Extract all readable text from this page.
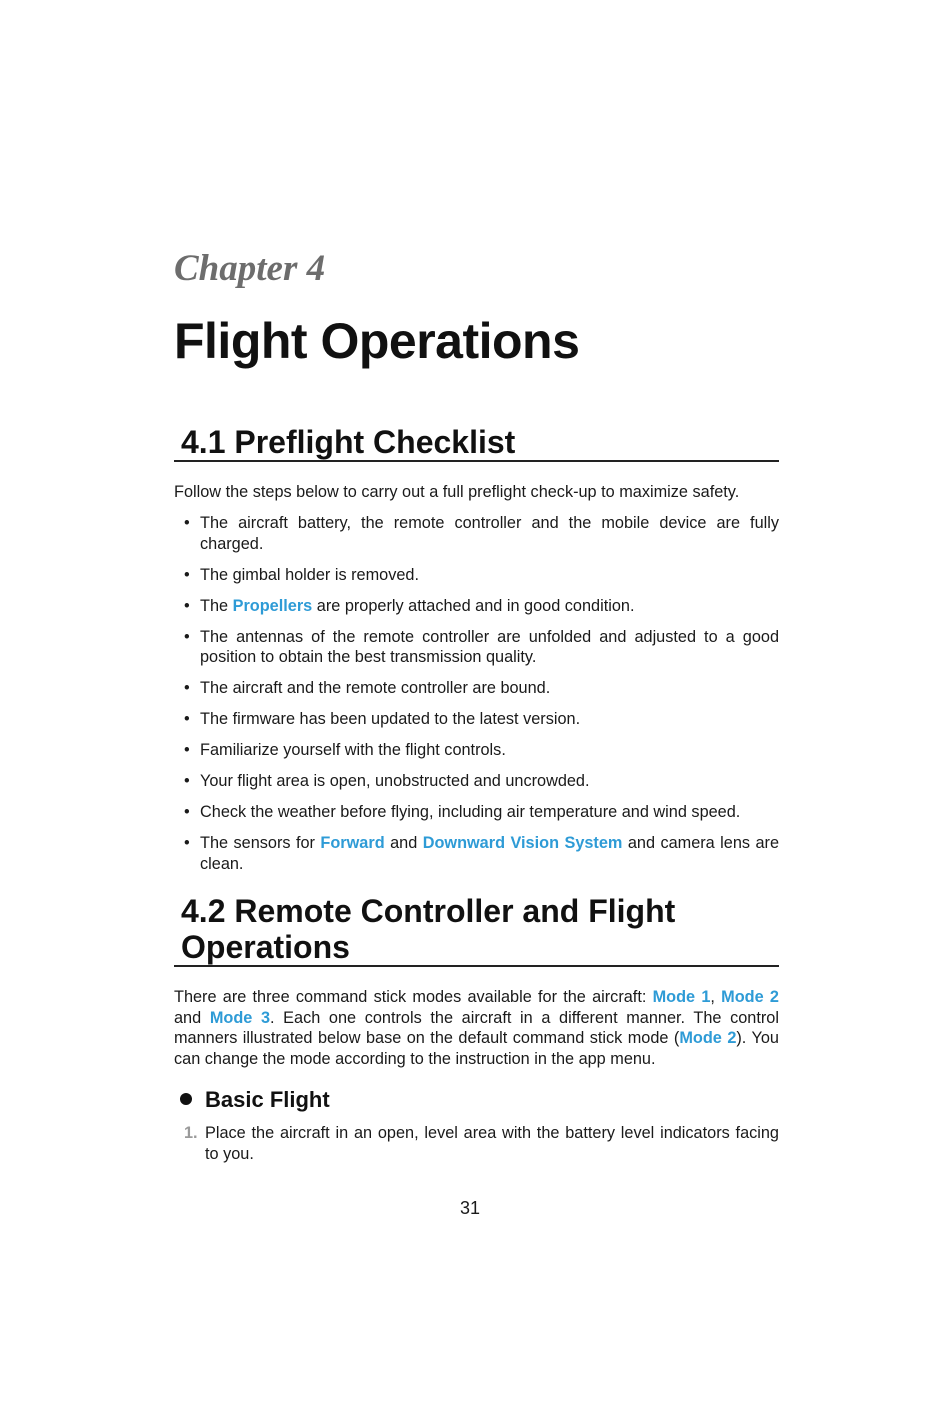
Chapter 4
Flight Operations
4.1 Preflight Checklist
Follow the steps below to carry out a full preflight check-up to maximize safety.
• The aircraft battery, the remote controller and the mobile device are fully charged.
• The gimbal holder is removed.
• The Propellers are properly attached and in good condition.
• The antennas of the remote controller are unfolded and adjusted to a good position to obtain the best transmission quality.
• The aircraft and the remote controller are bound.
• The firmware has been updated to the latest version.
• Familiarize yourself with the flight controls.
• Your flight area is open, unobstructed and uncrowded.
• Check the weather before flying, including air temperature and wind speed.
• The sensors for Forward and Downward Vision System and camera lens are clean.
4.2 Remote Controller and Flight
Operations
There are three command stick modes available for the aircraft: Mode 1, Mode 2 and Mode 3. Each one controls the aircraft in a different manner. The control manners illustrated below base on the default command stick mode (Mode 2). You can change the mode according to the instruction in the app menu.
Basic Flight
1. Place the aircraft in an open, level area with the battery level indicators facing to you.
31
